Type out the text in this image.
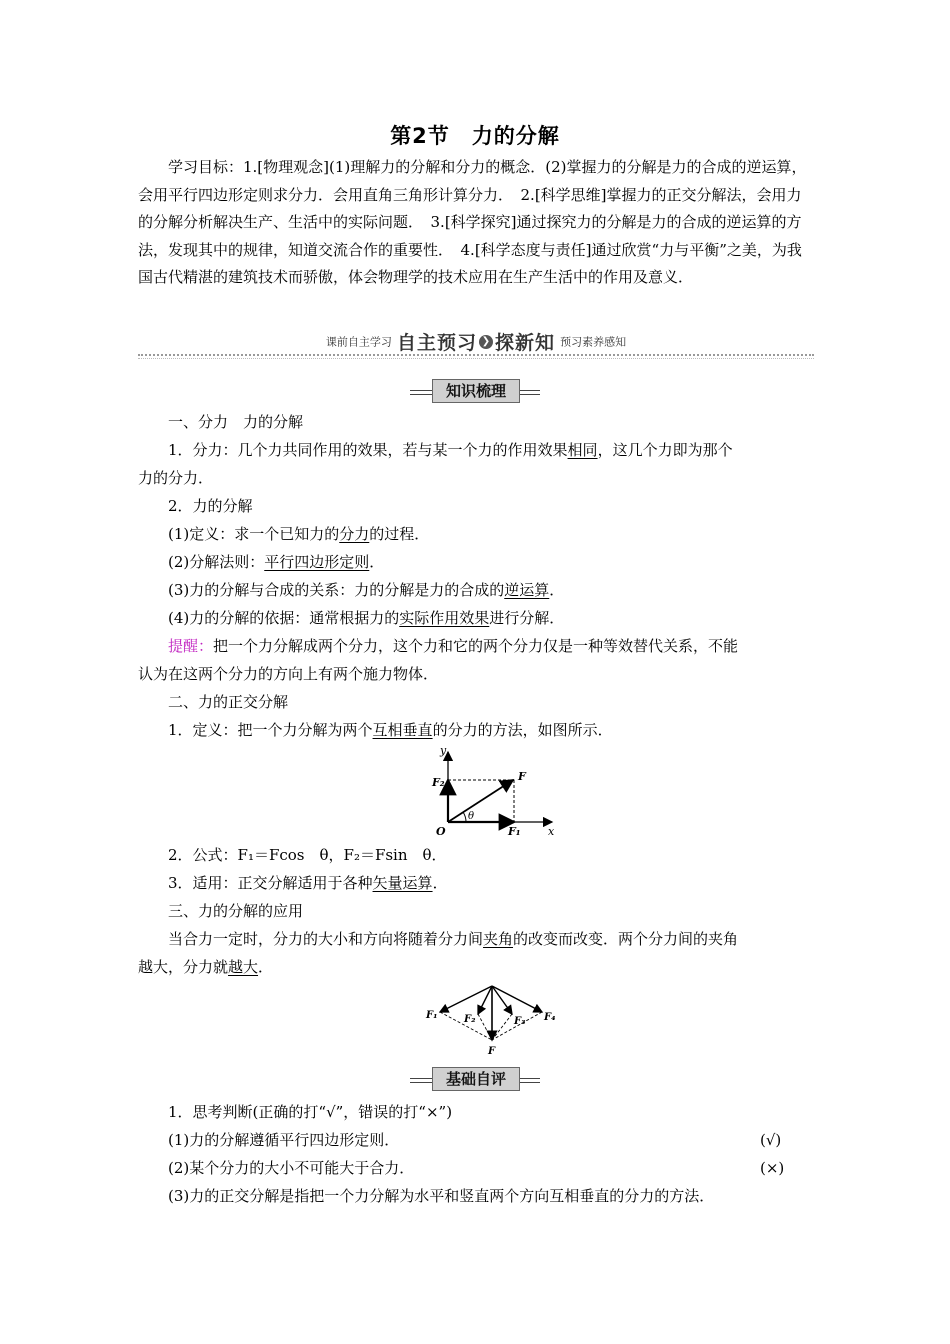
第2节 力的分解
学习目标：1.[物理观念](1)理解力的分解和分力的概念．(2)掌握力的分解是力的合成的逆运算，会用平行四边形定则求分力．会用直角三角形计算分力．　2.[科学思维]掌握力的正交分解法，会用力的分解分析解决生产、生活中的实际问题．　3.[科学探究]通过探究力的分解是力的合成的逆运算的方法，发现其中的规律，知道交流合作的重要性．　4.[科学态度与责任]通过欣赏“力与平衡”之美，为我国古代精湛的建筑技术而骄傲，体会物理学的技术应用在生产生活中的作用及意义．
课前自主学习 自主预习 ❯ 探新知 预习素养感知
知识梳理
一、分力　力的分解
1．分力：几个力共同作用的效果，若与某一个力的作用效果相同，这几个力即为那个
力的分力．
2．力的分解
(1)定义：求一个已知力的分力的过程．
(2)分解法则：平行四边形定则．
(3)力的分解与合成的关系：力的分解是力的合成的逆运算．
(4)力的分解的依据：通常根据力的实际作用效果进行分解．
提醒：把一个力分解成两个分力，这个力和它的两个分力仅是一种等效替代关系，不能
认为在这两个分力的方向上有两个施力物体．
二、力的正交分解
1．定义：把一个力分解为两个互相垂直的分力的方法，如图所示．
y
x
O
F
F₁
F₂
θ
2．公式：F₁＝Fcos　θ，F₂＝Fsin　θ．
3．适用：正交分解适用于各种矢量运算．
三、力的分解的应用
当合力一定时，分力的大小和方向将随着分力间夹角的改变而改变．两个分力间的夹角
越大，分力就越大．
F₁	F₂	F₃ F₄
F
基础自评
1．思考判断(正确的打“√”，错误的打“×”)
(1)力的分解遵循平行四边形定则．	(√)
(2)某个分力的大小不可能大于合力．	(×)
(3)力的正交分解是指把一个力分解为水平和竖直两个方向互相垂直的分力的方法．
